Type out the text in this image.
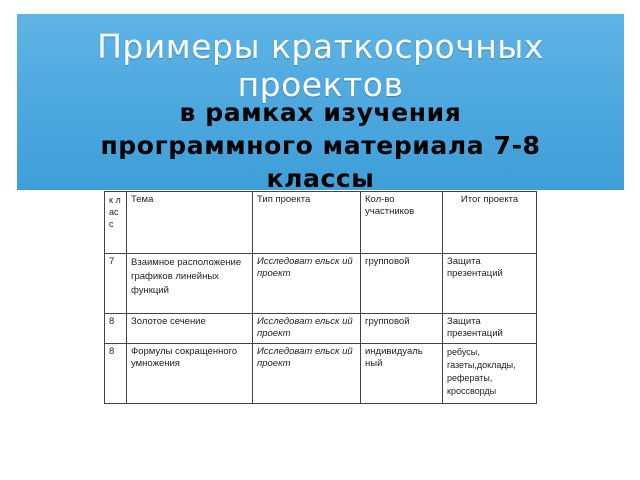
Примеры краткосрочных проектов
в рамках изучения
программного материала 7-8
классы
к л ас с	Тема	Тип проекта	Кол-во участников	Итог проекта
7	Взаимное расположение графиков линейных функций	Исследоват ельск ий проект	групповой	Защита презентаций
8	Золотое сечение	Исследоват ельск ий проект	групповой	Защита презентаций
8	Формулы сокращенного умножения	Исследоват ельск ий проект	индивидуаль ный	ребусы, газеты,доклады, рефераты, кроссворды
